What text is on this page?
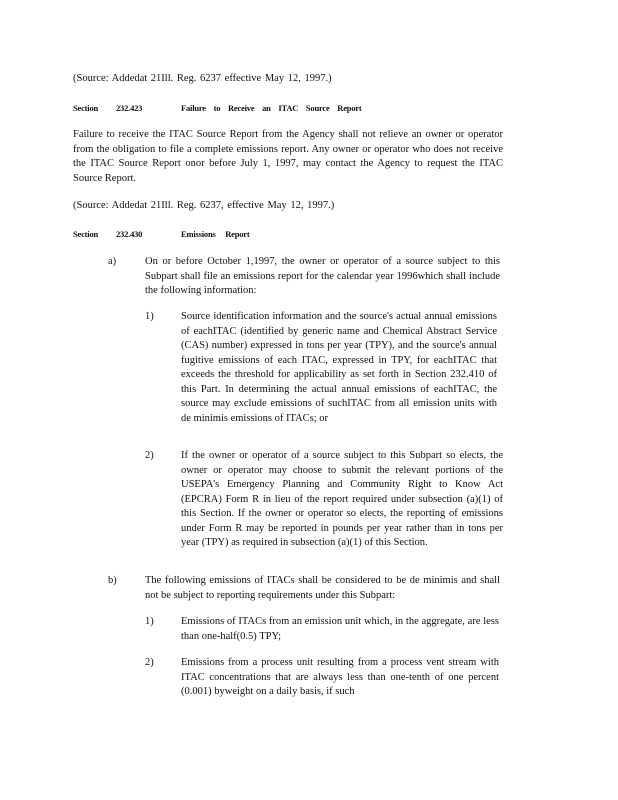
(Source: Addedat 21Ill. Reg. 6237 effective May 12, 1997.)

Section	232.423	Failure    to    Receive    an    ITAC    Source    Report

Failure to receive the ITAC Source Report from the Agency shall not relieve an owner or operator from the obligation to file a complete emissions report. Any owner or operator who does not receive the ITAC Source Report onor before July 1, 1997, may contact the Agency to request the ITAC Source Report.

(Source: Addedat 21Ill. Reg. 6237, effective May 12, 1997.)

Section	232.430	Emissions     Report
a)	On or before October 1,1997, the owner or operator of a source subject to this Subpart shall file an emissions report for the calendar year 1996which shall include the following information:

1)	Source identification information and the source's actual annual emissions of eachITAC (identified by generic name and Chemical Abstract Service (CAS) number) expressed in tons per year (TPY), and the source's annual fugitive emissions of each ITAC, expressed in TPY, for eachITAC that exceeds the threshold for applicability as set forth in Section 232.410 of this Part. In determining the actual annual emissions of eachITAC, the source may exclude emissions of suchITAC from all emission units with de minimis emissions of ITACs; or

2)	If the owner or operator of a source subject to this Subpart so elects, the owner or operator may choose to submit the relevant portions of the USEPA's Emergency Planning and Community Right to Know Act (EPCRA) Form R in lieu of the report required under subsection (a)(1) of this Section. If the owner or operator so elects, the reporting of emissions under Form R may be reported in pounds per year rather than in tons per year (TPY) as required in subsection (a)(1) of this Section.

b)	The following emissions of ITACs shall be considered to be de minimis and shall not be subject to reporting requirements under this Subpart:

1)	Emissions of ITACs from an emission unit which, in the aggregate, are less than one-half(0.5) TPY;

2)	Emissions from a process unit resulting from a process vent stream with ITAC concentrations that are always less than one-tenth of one percent (0.001) byweight on a daily basis, if such
